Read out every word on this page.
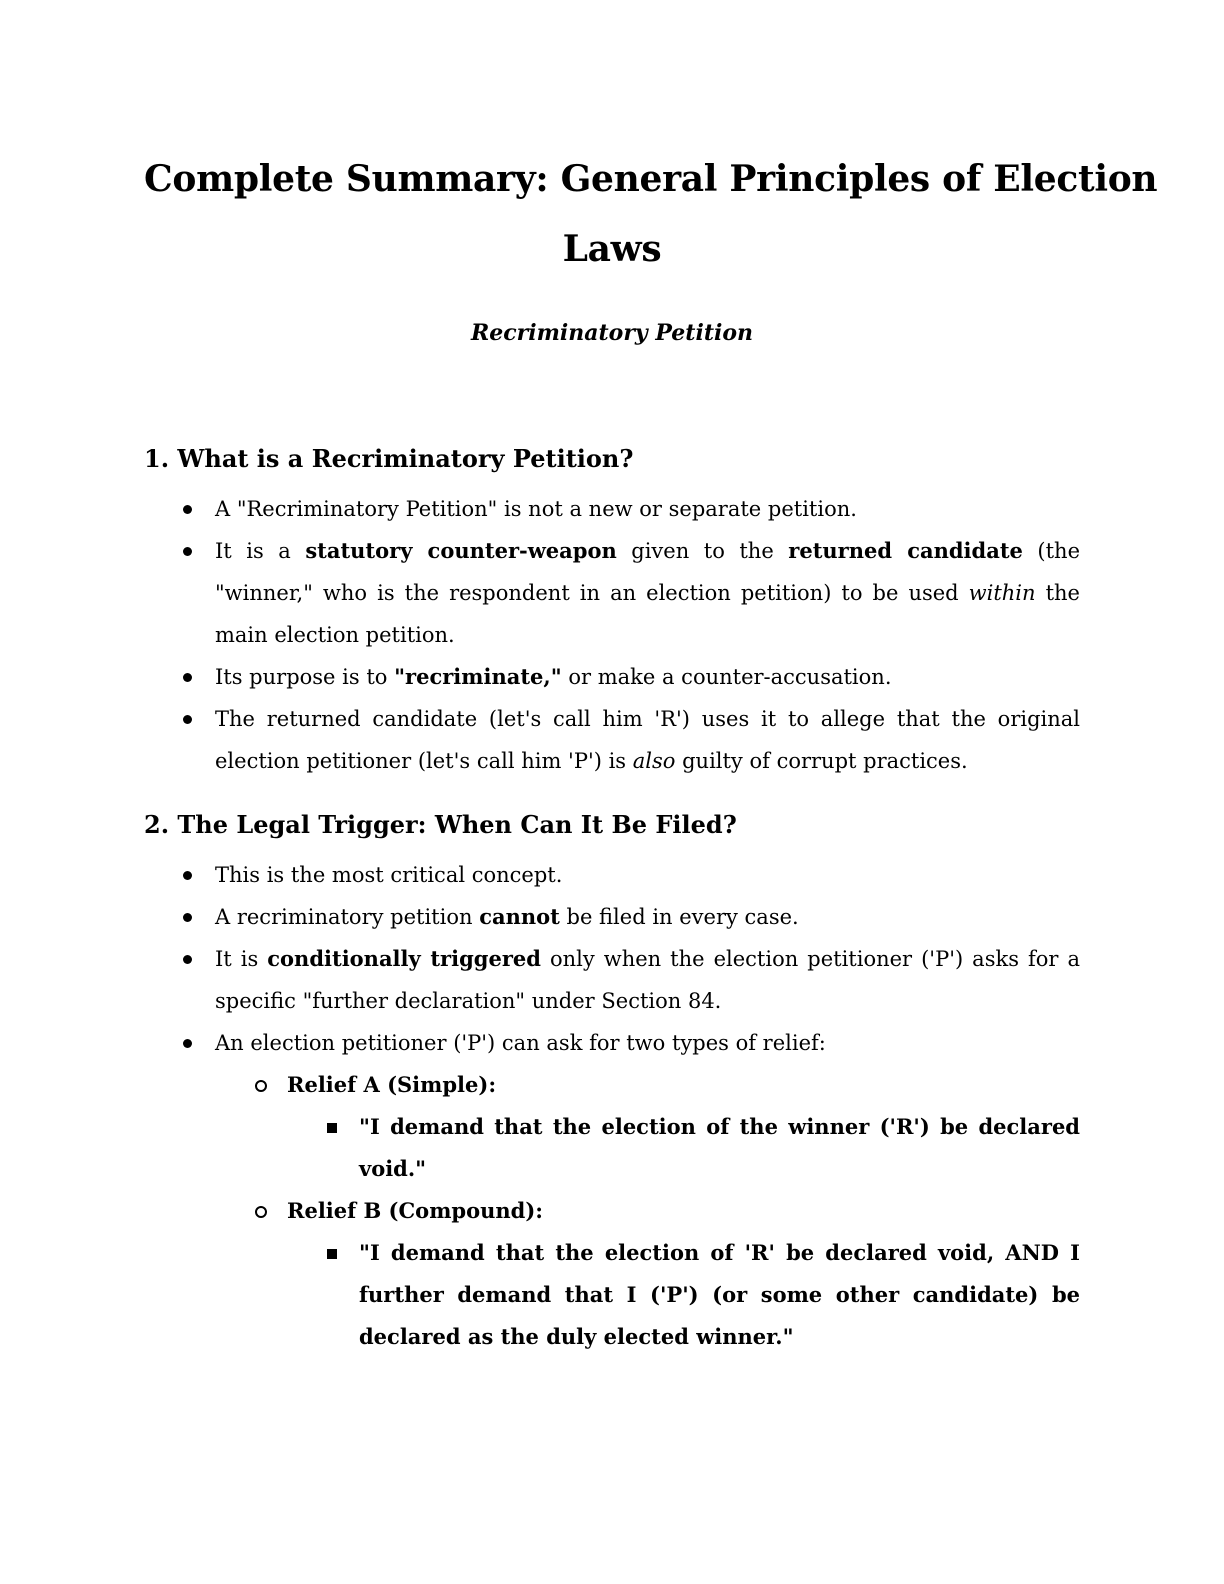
Complete Summary: General Principles of Election
Laws
Recriminatory Petition
1. What is a Recriminatory Petition?
A "Recriminatory Petition" is not a new or separate petition.
It is a statutory counter-weapon given to the returned candidate (the "winner," who is the respondent in an election petition) to be used within the main election petition.
Its purpose is to "recriminate," or make a counter-accusation.
The returned candidate (let's call him 'R') uses it to allege that the original election petitioner (let's call him 'P') is also guilty of corrupt practices.
2. The Legal Trigger: When Can It Be Filed?
This is the most critical concept.
A recriminatory petition cannot be filed in every case.
It is conditionally triggered only when the election petitioner ('P') asks for a specific "further declaration" under Section 84.
An election petitioner ('P') can ask for two types of relief:
Relief A (Simple):
"I demand that the election of the winner ('R') be declared void."
Relief B (Compound):
"I demand that the election of 'R' be declared void, AND I further demand that I ('P') (or some other candidate) be declared as the duly elected winner."
